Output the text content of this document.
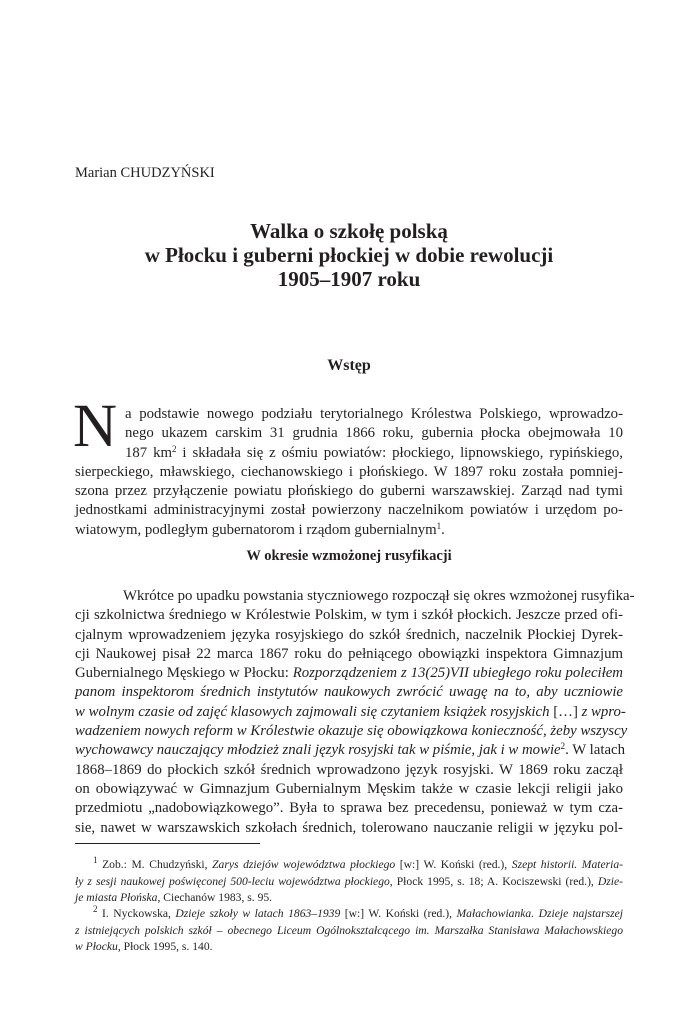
Marian CHUDZYŃSKI
Walka o szkołę polską
w Płocku i guberni płockiej w dobie rewolucji
1905–1907 roku
Wstęp
N a podstawie nowego podziału terytorialnego Królestwa Polskiego, wprowadzo-
nego ukazem carskim 31 grudnia 1866 roku, gubernia płocka obejmowała 10
187 $km^2$ i składała się z ośmiu powiatów: płockiego, lipnowskiego, rypińskiego,
sierpeckiego, mławskiego, ciechanowskiego i płońskiego. W 1897 roku została pomniej-
szona przez przyłączenie powiatu płońskiego do guberni warszawskiej. Zarząd nad tymi
jednostkami administracyjnymi został powierzony naczelnikom powiatów i urzędom po-
wiatowym, podległym gubernatorom i rządom gubernialnym$^1$.
W okresie wzmożonej rusyfikacji
Wkrótce po upadku powstania styczniowego rozpoczął się okres wzmożonej rusyfika-
cji szkolnictwa średniego w Królestwie Polskim, w tym i szkół płockich. Jeszcze przed ofi-
cjalnym wprowadzeniem języka rosyjskiego do szkół średnich, naczelnik Płockiej Dyrek-
cji Naukowej pisał 22 marca 1867 roku do pełniącego obowiązki inspektora Gimnazjum
Gubernialnego Męskiego w Płocku: Rozporządzeniem z 13(25)VII ubiegłego roku poleciłem
panom inspektorom średnich instytutów naukowych zwrócić uwagę na to, aby uczniowie
w wolnym czasie od zajęć klasowych zajmowali się czytaniem książek rosyjskich […] z wpro-
wadzeniem nowych reform w Królestwie okazuje się obowiązkowa konieczność, żeby wszyscy
wychowawcy nauczający młodzież znali język rosyjski tak w piśmie, jak i w mowie$^2$. W latach
1868–1869 do płockich szkół średnich wprowadzono język rosyjski. W 1869 roku zaczął
on obowiązywać w Gimnazjum Gubernialnym Męskim także w czasie lekcji religii jako
przedmiotu „nadobowiązkowego”. Była to sprawa bez precedensu, ponieważ w tym cza-
sie, nawet w warszawskich szkołach średnich, tolerowano nauczanie religii w języku pol-
$^1$ Zob.: M. Chudzyński, Zarys dziejów województwa płockiego [w:] W. Koński (red.), Szept historii. Materia-
ły z sesji naukowej poświęconej 500-leciu województwa płockiego, Płock 1995, s. 18; A. Kociszewski (red.), Dzie-
je miasta Płońska, Ciechanów 1983, s. 95.
$^2$ I. Nyckowska, Dzieje szkoły w latach 1863–1939 [w:] W. Koński (red.), Małachowianka. Dzieje najstarszej
z istniejących polskich szkół – obecnego Liceum Ogólnokształcącego im. Marszałka Stanisława Małachowskiego
w Płocku, Płock 1995, s. 140.
